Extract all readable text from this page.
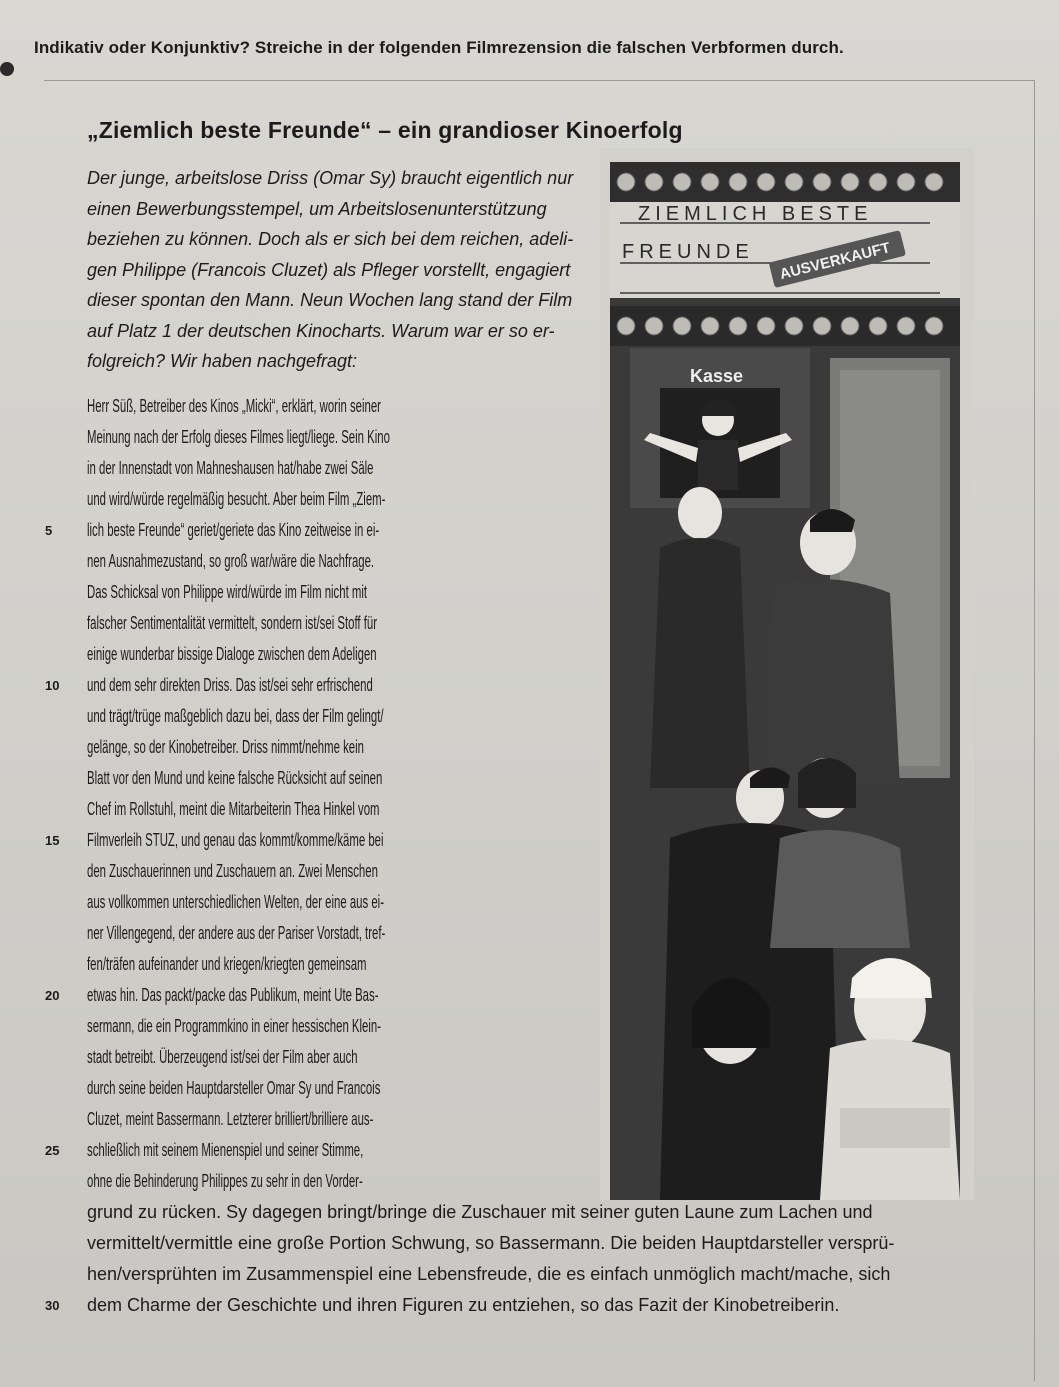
Indikativ oder Konjunktiv? Streiche in der folgenden Filmrezension die falschen Verbformen durch.
„Ziemlich beste Freunde“ – ein grandioser Kinoerfolg
Der junge, arbeitslose Driss (Omar Sy) braucht eigentlich nur
einen Bewerbungsstempel, um Arbeitslosenunterstützung
beziehen zu können. Doch als er sich bei dem reichen, adeli-
gen Philippe (Francois Cluzet) als Pfleger vorstellt, engagiert
dieser spontan den Mann. Neun Wochen lang stand der Film
auf Platz 1 der deutschen Kinocharts. Warum war er so er-
folgreich? Wir haben nachgefragt:
Herr Süß, Betreiber des Kinos „Micki“, erklärt, worin seiner
Meinung nach der Erfolg dieses Filmes liegt/liege. Sein Kino
in der Innenstadt von Mahneshausen hat/habe zwei Säle
und wird/würde regelmäßig besucht. Aber beim Film „Ziem-
5	lich beste Freunde“ geriet/geriete das Kino zeitweise in ei-
nen Ausnahmezustand, so groß war/wäre die Nachfrage.
Das Schicksal von Philippe wird/würde im Film nicht mit
falscher Sentimentalität vermittelt, sondern ist/sei Stoff für
einige wunderbar bissige Dialoge zwischen dem Adeligen
10	und dem sehr direkten Driss. Das ist/sei sehr erfrischend
und trägt/trüge maßgeblich dazu bei, dass der Film gelingt/
gelänge, so der Kinobetreiber. Driss nimmt/nehme kein
Blatt vor den Mund und keine falsche Rücksicht auf seinen
Chef im Rollstuhl, meint die Mitarbeiterin Thea Hinkel vom
15	Filmverleih STUZ, und genau das kommt/komme/käme bei
den Zuschauerinnen und Zuschauern an. Zwei Menschen
aus vollkommen unterschiedlichen Welten, der eine aus ei-
ner Villengegend, der andere aus der Pariser Vorstadt, tref-
fen/träfen aufeinander und kriegen/kriegten gemeinsam
20	etwas hin. Das packt/packe das Publikum, meint Ute Bas-
sermann, die ein Programmkino in einer hessischen Klein-
stadt betreibt. Überzeugend ist/sei der Film aber auch
durch seine beiden Hauptdarsteller Omar Sy und Francois
Cluzet, meint Bassermann. Letzterer brilliert/brilliere aus-
25	schließlich mit seinem Mienenspiel und seiner Stimme,
ohne die Behinderung Philippes zu sehr in den Vorder-
grund zu rücken. Sy dagegen bringt/bringe die Zuschauer mit seiner guten Laune zum Lachen und
vermittelt/vermittle eine große Portion Schwung, so Bassermann. Die beiden Hauptdarsteller versprü-
hen/versprühten im Zusammenspiel eine Lebensfreude, die es einfach unmöglich macht/mache, sich
30	dem Charme der Geschichte und ihren Figuren zu entziehen, so das Fazit der Kinobetreiberin.
ZIEMLICH BESTE
FREUNDE AUSVERKAUFT
Kasse
